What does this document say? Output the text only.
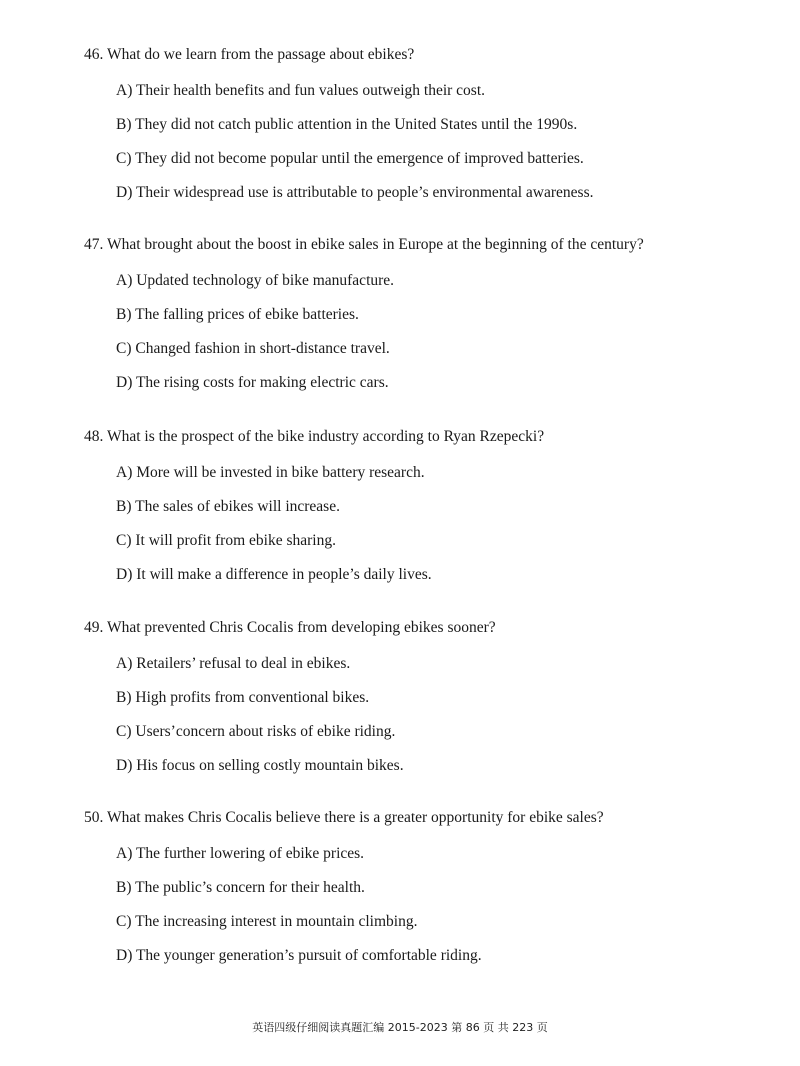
46. What do we learn from the passage about ebikes?
A) Their health benefits and fun values outweigh their cost.
B) They did not catch public attention in the United States until the 1990s.
C) They did not become popular until the emergence of improved batteries.
D) Their widespread use is attributable to people’s environmental awareness.
47. What brought about the boost in ebike sales in Europe at the beginning of the century?
A) Updated technology of bike manufacture.
B) The falling prices of ebike batteries.
C) Changed fashion in short-distance travel.
D) The rising costs for making electric cars.
48. What is the prospect of the bike industry according to Ryan Rzepecki?
A) More will be invested in bike battery research.
B) The sales of ebikes will increase.
C) It will profit from ebike sharing.
D) It will make a difference in people’s daily lives.
49. What prevented Chris Cocalis from developing ebikes sooner?
A) Retailers’ refusal to deal in ebikes.
B) High profits from conventional bikes.
C) Users’concern about risks of ebike riding.
D) His focus on selling costly mountain bikes.
50. What makes Chris Cocalis believe there is a greater opportunity for ebike sales?
A) The further lowering of ebike prices.
B) The public’s concern for their health.
C) The increasing interest in mountain climbing.
D) The younger generation’s pursuit of comfortable riding.
英语四级仔细阅读真题汇编 2015-2023 第 86 页 共 223 页
